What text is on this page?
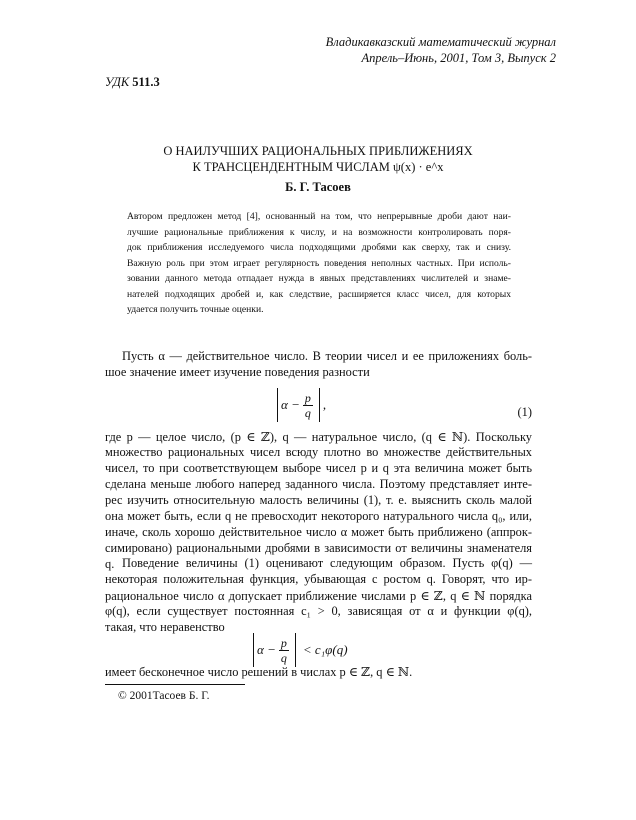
Владикавказский математический журнал
Апрель–Июнь, 2001, Том 3, Выпуск 2
УДК 511.3
О НАИЛУЧШИХ РАЦИОНАЛЬНЫХ ПРИБЛИЖЕНИЯХ
К ТРАНСЦЕНДЕНТНЫМ ЧИСЛАМ ψ(x) · e^x
Б. Г. Тасоев
Автором предложен метод [4], основанный на том, что непрерывные дроби дают наи-
лучшие рациональные приближения к числу, и на возможности контролировать поря-
док приближения исследуемого числа подходящими дробями как сверху, так и снизу.
Важную роль при этом играет регулярность поведения неполных частных. При исполь-
зовании данного метода отпадает нужда в явных представлениях числителей и знаме-
нателей подходящих дробей и, как следствие, расширяется класс чисел, для которых
удается получить точные оценки.
Пусть α — действительное число. В теории чисел и ее приложениях боль-
шое значение имеет изучение поведения разности
$\alpha - \frac{p}{q}$ ,	(1)
где p — целое число, (p ∈ ℤ), q — натуральное число, (q ∈ ℕ). Поскольку
множество рациональных чисел всюду плотно во множестве действительных
чисел, то при соответствующем выборе чисел p и q эта величина может быть
сделана меньше любого наперед заданного числа. Поэтому представляет инте-
рес изучить относительную малость величины (1), т. е. выяснить сколь малой
она может быть, если q не превосходит некоторого натурального числа q₀, или,
иначе, сколь хорошо действительное число α может быть приближено (аппрок-
симировано) рациональными дробями в зависимости от величины знаменателя
q. Поведение величины (1) оценивают следующим образом. Пусть φ(q) —
некоторая положительная функция, убывающая с ростом q. Говорят, что ир-
рациональное число α допускает приближение числами p ∈ ℤ, q ∈ ℕ порядка
φ(q), если существует постоянная c₁ > 0, зависящая от α и функции φ(q),
такая, что неравенство
© 2001Тасоев Б. Г.
$\alpha - \frac{p}{q} < c_1\varphi(q)$
имеет бесконечное число решений в числах p ∈ ℤ, q ∈ ℕ.
